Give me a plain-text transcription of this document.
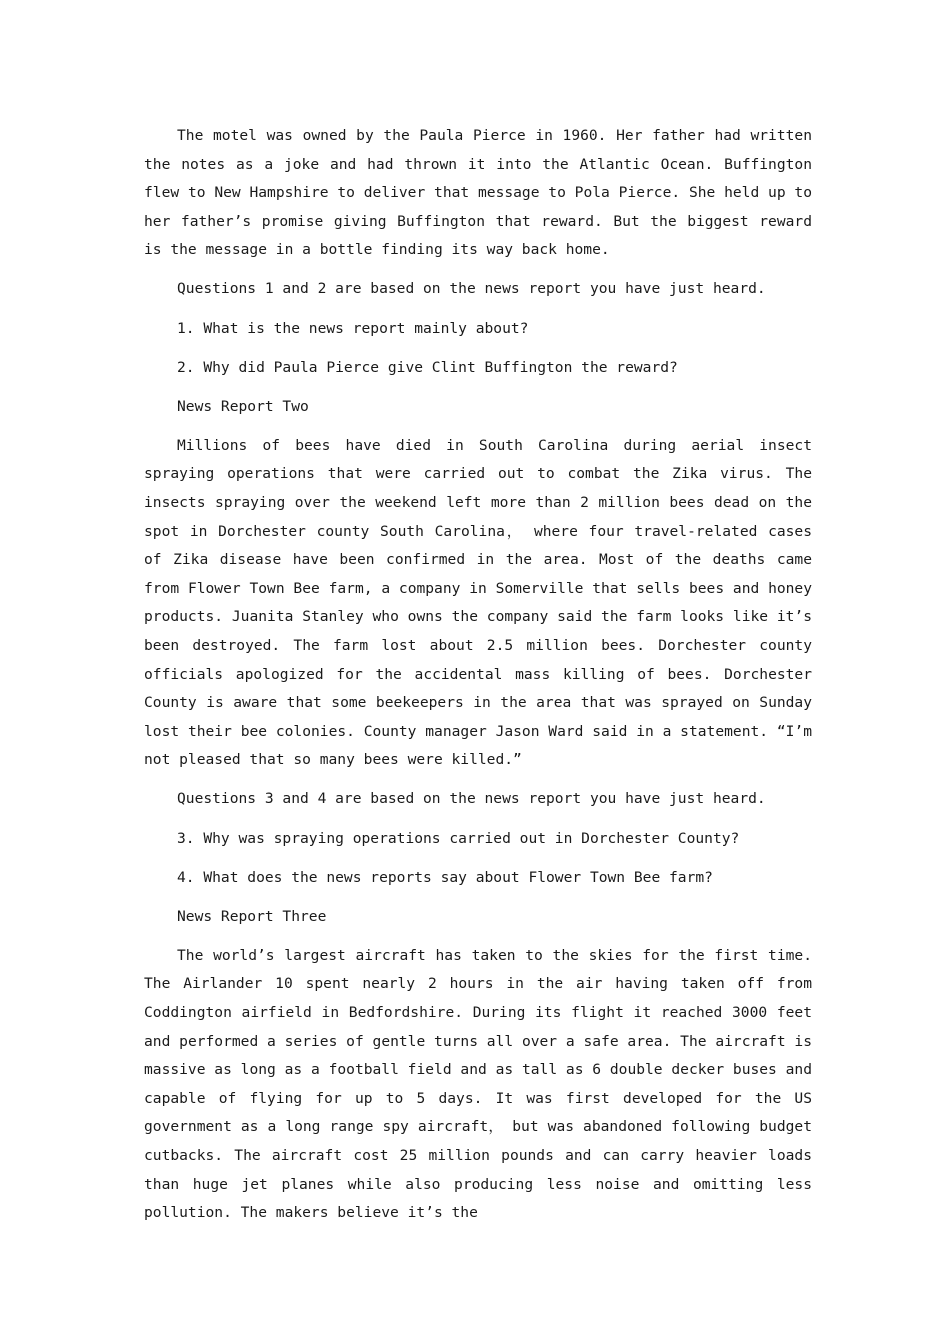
The motel was owned by the Paula Pierce in 1960. Her father had written the notes as a joke and had thrown it into the Atlantic Ocean. Buffington flew to New Hampshire to deliver that message to Pola Pierce. She held up to her father’s promise giving Buffington that reward. But the biggest reward is the message in a bottle finding its way back home.

Questions 1 and 2 are based on the news report you have just heard.

1. What is the news report mainly about?

2. Why did Paula Pierce give Clint Buffington the reward?

News Report Two

Millions of bees have died in South Carolina during aerial insect spraying operations that were carried out to combat the Zika virus. The insects spraying over the weekend left more than 2 million bees dead on the spot in Dorchester county South Carolina， where four travel-related cases of Zika disease have been confirmed in the area. Most of the deaths came from Flower Town Bee farm, a company in Somerville that sells bees and honey products. Juanita Stanley who owns the company said the farm looks like it’s been destroyed. The farm lost about 2.5 million bees. Dorchester county officials apologized for the accidental mass killing of bees. Dorchester County is aware that some beekeepers in the area that was sprayed on Sunday lost their bee colonies. County manager Jason Ward said in a statement. “I’m not pleased that so many bees were killed.”

Questions 3 and 4 are based on the news report you have just heard.

3. Why was spraying operations carried out in Dorchester County?

4. What does the news reports say about Flower Town Bee farm?

News Report Three

The world’s largest aircraft has taken to the skies for the first time. The Airlander 10 spent nearly 2 hours in the air having taken off from Coddington airfield in Bedfordshire. During its flight it reached 3000 feet and performed a series of gentle turns all over a safe area. The aircraft is massive as long as a football field and as tall as 6 double decker buses and capable of flying for up to 5 days. It was first developed for the US government as a long range spy aircraft， but was abandoned following budget cutbacks. The aircraft cost 25 million pounds and can carry heavier loads than huge jet planes while also producing less noise and omitting less pollution. The makers believe it’s the
